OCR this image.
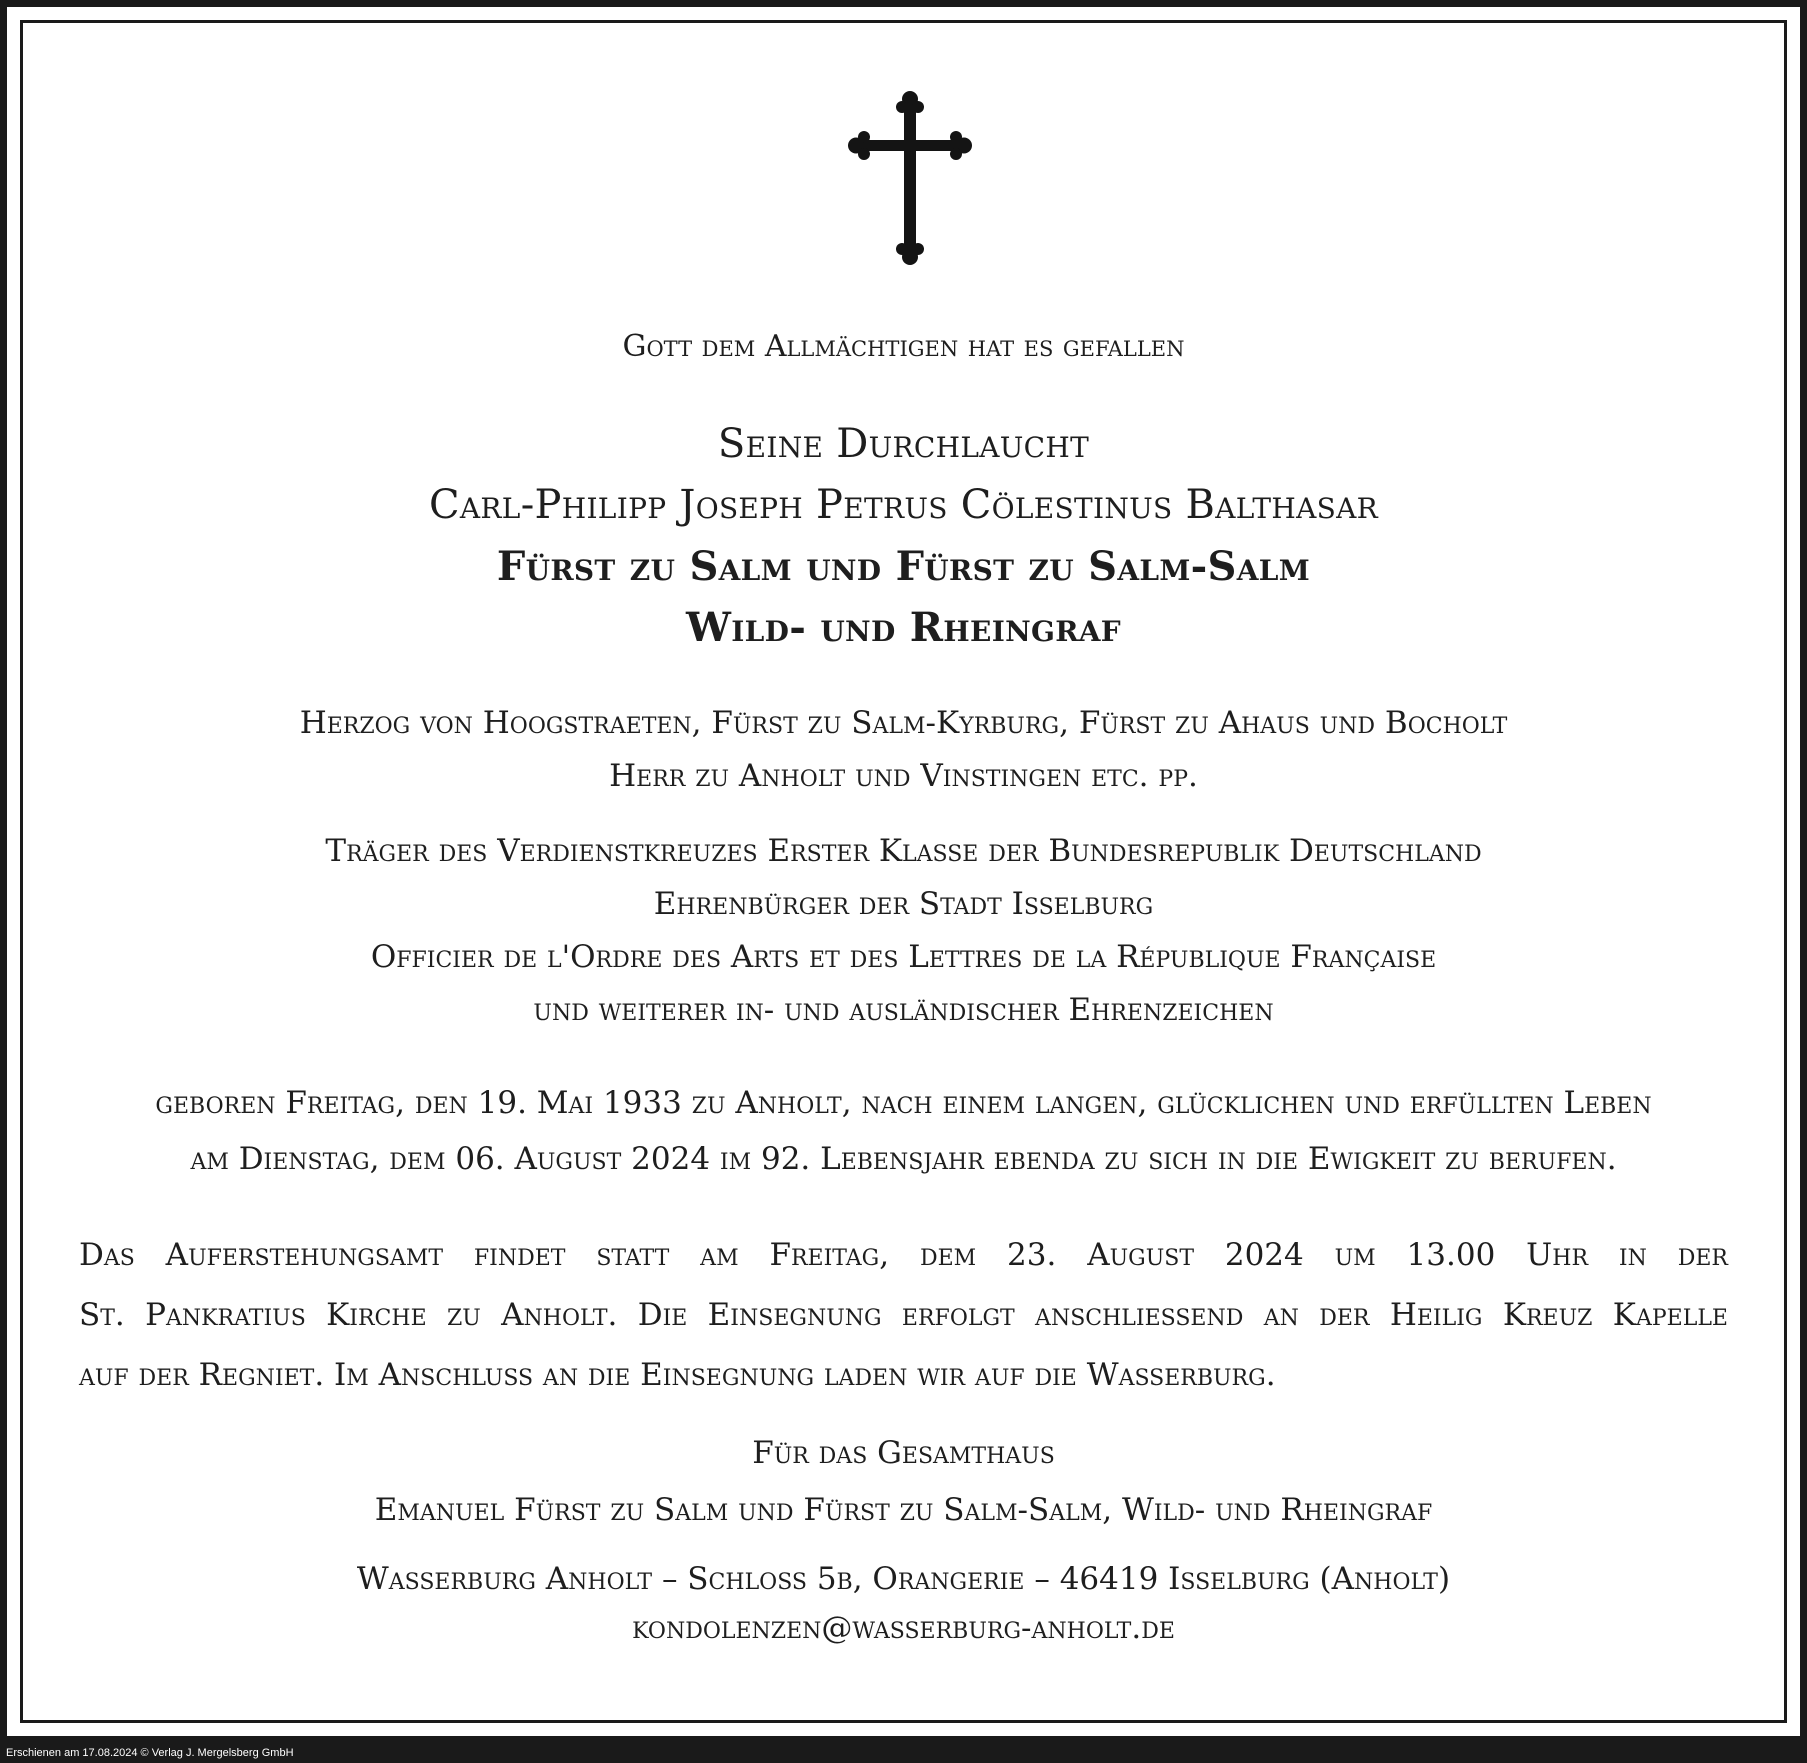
Gott dem Allmächtigen hat es gefallen
Seine Durchlaucht
Carl-Philipp Joseph Petrus Cölestinus Balthasar
Fürst zu Salm und Fürst zu Salm-Salm
Wild- und Rheingraf
Herzog von Hoogstraeten, Fürst zu Salm-Kyrburg, Fürst zu Ahaus und Bocholt
Herr zu Anholt und Vinstingen etc. pp.
Träger des Verdienstkreuzes Erster Klasse der Bundesrepublik Deutschland
Ehrenbürger der Stadt Isselburg
Officier de l'Ordre des Arts et des Lettres de la République Française
und weiterer in- und ausländischer Ehrenzeichen
geboren Freitag, den 19. Mai 1933 zu Anholt, nach einem langen, glücklichen und erfüllten Leben
am Dienstag, dem 06. August 2024 im 92. Lebensjahr ebenda zu sich in die Ewigkeit zu berufen.
Das Auferstehungsamt findet statt am Freitag, dem 23. August 2024 um 13.00 Uhr in der
St. Pankratius Kirche zu Anholt. Die Einsegnung erfolgt anschließend an der Heilig Kreuz Kapelle
auf der Regniet. Im Anschluss an die Einsegnung laden wir auf die Wasserburg.
Für das Gesamthaus
Emanuel Fürst zu Salm und Fürst zu Salm-Salm, Wild- und Rheingraf
Wasserburg Anholt – Schloss 5b, Orangerie – 46419 Isselburg (Anholt)
kondolenzen@wasserburg-anholt.de
Erschienen am 17.08.2024 © Verlag J. Mergelsberg GmbH
